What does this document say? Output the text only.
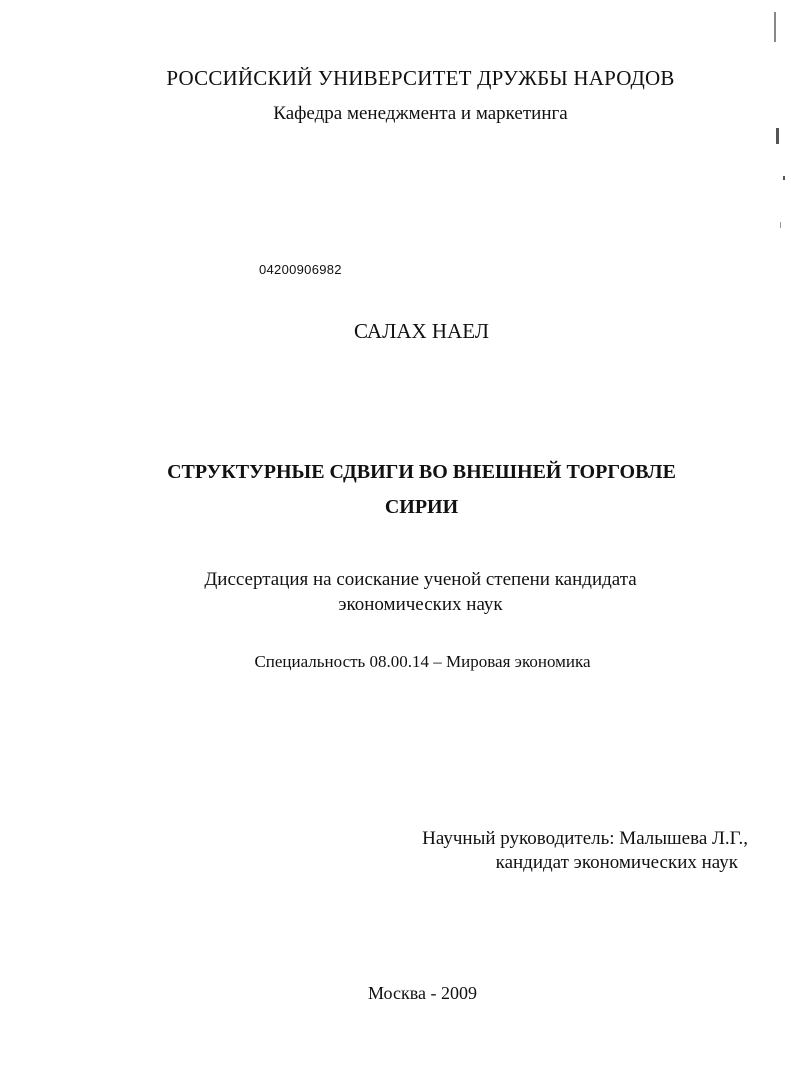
РОССИЙСКИЙ УНИВЕРСИТЕТ ДРУЖБЫ НАРОДОВ
Кафедра менеджмента и маркетинга
04200906982
САЛАХ НАЕЛ
СТРУКТУРНЫЕ СДВИГИ ВО ВНЕШНЕЙ ТОРГОВЛЕ
СИРИИ
Диссертация на соискание ученой степени кандидата
экономических наук
Специальность 08.00.14 – Мировая экономика
Научный руководитель: Малышева Л.Г.,
кандидат экономических наук
Москва - 2009
